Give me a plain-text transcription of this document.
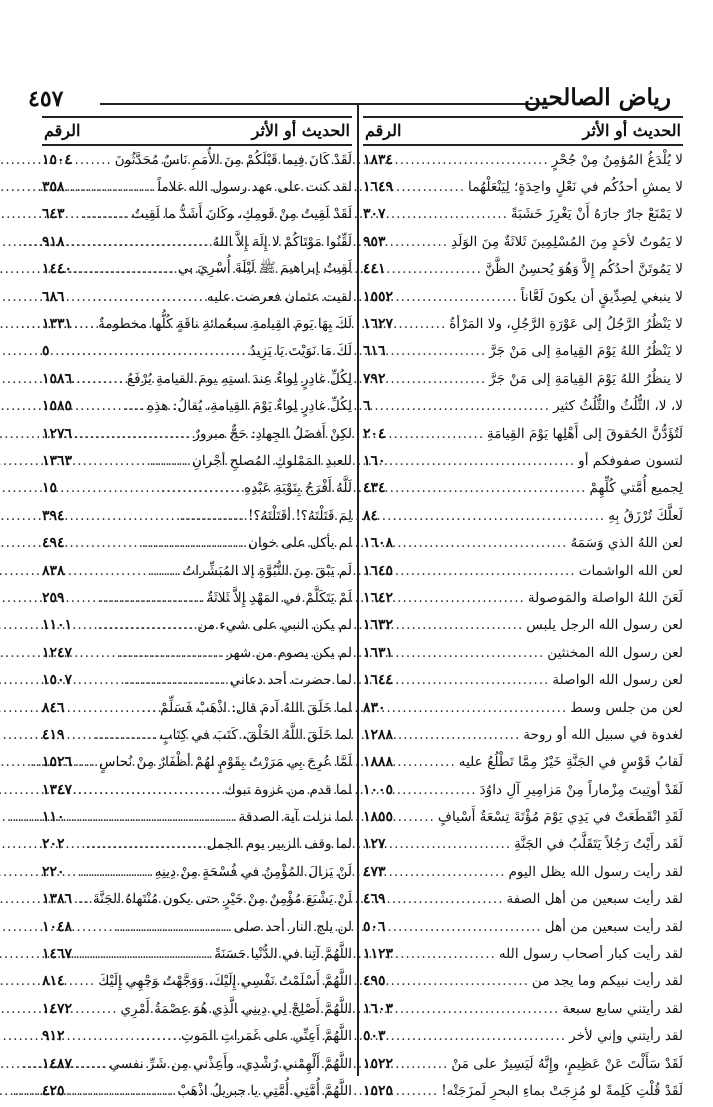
٤٥٧	رياض الصالحين
الحديث أو الأثر
الرقم
لا يُلْدَغُ المُؤمِنُ مِنْ جُحْرٍ
.....
١٨٣٤
لا يمشِ أحدُكُم في نَعْلٍ واحِدَةٍ؛ لِيَنْعَلْهُما
.....
١٦٤٩
لا يَمْنَعْ جارٌ جارَهُ أَنْ يَغْرِزَ خَشَبَةً
.....
٣٠٧
لا يَمُوتُ لأحَدٍ مِنَ المُسْلِمِينَ ثَلاثَةٌ مِنَ الوَلَدِ
.....
٩٥٣
لا يَمُوتَنَّ أحدُكُم إِلاَّ وَهُوَ يُحسِنُ الظَّنَّ
.....
٤٤١
لا ينبغي لِصِدِّيقٍ أن يكونَ لَعَّاناً
.....
١٥٥٢
لا يَنْظُرُ الرَّجُلُ إلى عَوْرَةِ الرَّجُلِ، ولا المَرْأةُ
.....
١٦٢٧
لا يَنْظُرُ اللهُ يَوْمَ القِيامةِ إلى مَنْ جَرَّ
.....
٦١٦
لا ينظُرُ اللهُ يَوْمَ القِيامَةِ إلى مَنْ جَرَّ
.....
٧٩٢
لا، لا، الثُّلُثُ والثُّلُثُ كثير
.....
٦
لَتُؤَدُّنَّ الحُقوقَ إلى أَهْلِها يَوْمَ القِيامَةِ
.....
٢٠٤
لتسون صفوفكم أو
.....
١٦٠
لِجميع أُمَّتي كُلِّهِمْ
.....
٤٣٤
لَعلَّكَ تُرْزَقُ بِهِ
.....
٨٤
لعن اللهُ الذي وَسَمَهُ
.....
١٦٠٨
لعن الله الواشمات
.....
١٦٤٥
لَعَنَ اللهُ الواصلة والمَوصولة
.....
١٦٤٢
لعن رسول الله الرجل يلبس
.....
١٦٣٢
لعن رسول الله المخنثين
.....
١٦٣١
لعن رسول الله الواصلة
.....
١٦٤٤
لعن من جلس وسط
.....
٨٣٠
لغدوة في سبيل الله أو روحة
.....
١٢٨٨
لَقابُ قَوْسٍ في الجَنَّةِ خَيْرٌ مِمَّا تَطْلُعُ عليه
.....
١٨٨٨
لَقَدْ أوتِيتَ مِزْماراً مِنْ مَزامِيرِ آلِ داوُدَ
.....
١٠٠٥
لَقَدِ انْقَطَعَتْ في يَدِي يَوْمَ مُؤْتَةَ تِسْعَةُ أَسْيافٍ
.....
١٨٥٥
لَقَد رأَيْتُ رَجُلاً يَتَقَلَّبُ في الجَنَّةِ
.....
١٢٧
لقد رأيت رسول الله يظل اليوم
.....
٤٧٣
لقد رأيت سبعين من أهل الصفة
.....
٤٦٩
لقد رأيت سبعين من أهل
.....
٥٠٦
لقد رأيت كبار أصحاب رسول الله
.....
١١٢٣
لقد رأيت نبيكم وما يجد من
.....
٤٩٥
لقد رأيتني سابع سبعة
.....
١٦٠٣
لقد رأيتني وإني لأخر
.....
٥٠٣
لَقَدْ سَأَلْتَ عَنْ عَظِيمٍ، وإِنَّهُ لَيَسِيرٌ على مَنْ
.....
١٥٢٢
لَقَدْ قُلْتِ كَلِمةً لو مُزِجَتْ بماءِ البحرِ لَمزَجَتْه!
.....
١٥٢٥
الحديث أو الأثر
الرقم
لَقَدْ كَانَ فِيما قَبْلَكُمْ مِنَ الأُمَمِ نَاسٌ مُحَدَّثُونَ
.....
١٥٠٤
لقد كنت على عهد رسول الله غلاماً
.....
٣٥٨
لَقَدْ لَقِيتُ مِنْ قَومِكِ، وكَانَ أَشَدُّ ما لَقِيتُ
.....
٦٤٣
لَقِّنُوا مَوْتَاكُمْ لا إِلَهَ إِلاَّ اللهُ
.....
٩١٨
لَقِيتُ إبراهيمَ ﷺ لَيْلَةَ أُسْرِيَ بي
.....
١٤٤٠
لقيت عثمان فعرضت عليه
.....
٦٨٦
لَكَ بِهَا يَومَ القِيامةِ سبعُمائةِ ناقَةٍ كُلُّها مخطومةٌ
.....
١٣٣١
لَكَ مَا نَوَيْتَ يَا يَزِيدُ
.....
٥
لِكُلِّ غادِرٍ لِواءٌ عِندَ استِهِ يومَ القيامةِ يُرْفَعُ
.....
١٥٨٦
لِكُلِّ غادِرٍ لِواءٌ يَوْمَ القِيامةِ، يُقالُ: هذِهِ
.....
١٥٨٥
لكِنْ أَفضَلُ الجِهادِ: حَجٌّ مبرورٌ
.....
١٢٧٦
للعبدِ المَمْلوكِ المُصلحِ أجْرانِ
.....
١٣٦٣
لَلَّهُ أَفْرَحُ بِتَوْبَةِ عَبْدِهِ
.....
١٥
لِمَ قَتَلْتَهُ؟! أقَتَلْتَهُ؟!
.....
٣٩٤
لم يأكل على خوان
.....
٤٩٤
لَم يَبْقَ مِنَ النُّبُوَّةِ إلا المُبَشِّراتُ
.....
٨٣٨
لَمْ يَتَكَلَّمْ في المَهْدِ إِلاَّ ثَلاثَةٌ
.....
٢٥٩
لم يكن النبي على شيء من
.....
١١٠١
لم يكن يصوم من شهر
.....
١٢٤٧
لما حضرت أحد دعاني
.....
١٥٠٧
لما خَلَقَ اللهُ آدمَ قال: اذْهَبْ فَسَلِّمْ
.....
٨٤٦
لما خَلَقَ اللَّهُ الخَلْقَ، كَتَبَ في كِتَابٍ
.....
٤١٩
لَمَّا عُرِجَ بِي مَرَرْتُ بِقَوْمٍ لهُمْ أظْفَارٌ مِنْ نُحاسٍ
.....
١٥٢٦
لما قدم من غزوة تبوك
.....
١٣٤٧
لما نزلت آية الصدقة
.....
١١٠
لما وقف الزبير يوم الجمل
.....
٢٠٢
لَنْ يَزالَ المُؤْمِنُ في فُسْحَةٍ مِنْ دِينِهِ
.....
٢٢٠
لَنْ يَشْبَعَ مُؤْمِنٌ مِنْ خَيْرٍ حتى يكون مُنْتَهاهُ الجَنَّةَ
.....
١٣٨٦
لن يلج النار أحد صلى
.....
١٠٤٨
اللَّهُمَّ آتِنا في الدُّنْيا حَسَنَةً
.....
١٤٦٧
اللَّهُمَّ أَسْلَمْتُ نَفْسِي إِلَيْكَ، وَوَجَّهْتُ وَجْهِي إِلَيْكَ
.....
٨١٤
اللَّهُمَّ أَصْلِحْ لِي دِينِي الَّذِي هُوَ عِصْمَةُ أَمْرِي
.....
١٤٧٢
اللَّهُمَّ أَعِنِّي على غَمَراتِ المَوتِ
.....
٩١٢
اللَّهُمَّ أَلْهِمْني رُشْدِي، وأَعِذْني مِن شَرِّ نفسي
.....
١٤٨٧
اللَّهُمَّ أُمَّتِي أُمَّتِي يا جبريلُ اذْهَبْ
.....
٤٢٥
